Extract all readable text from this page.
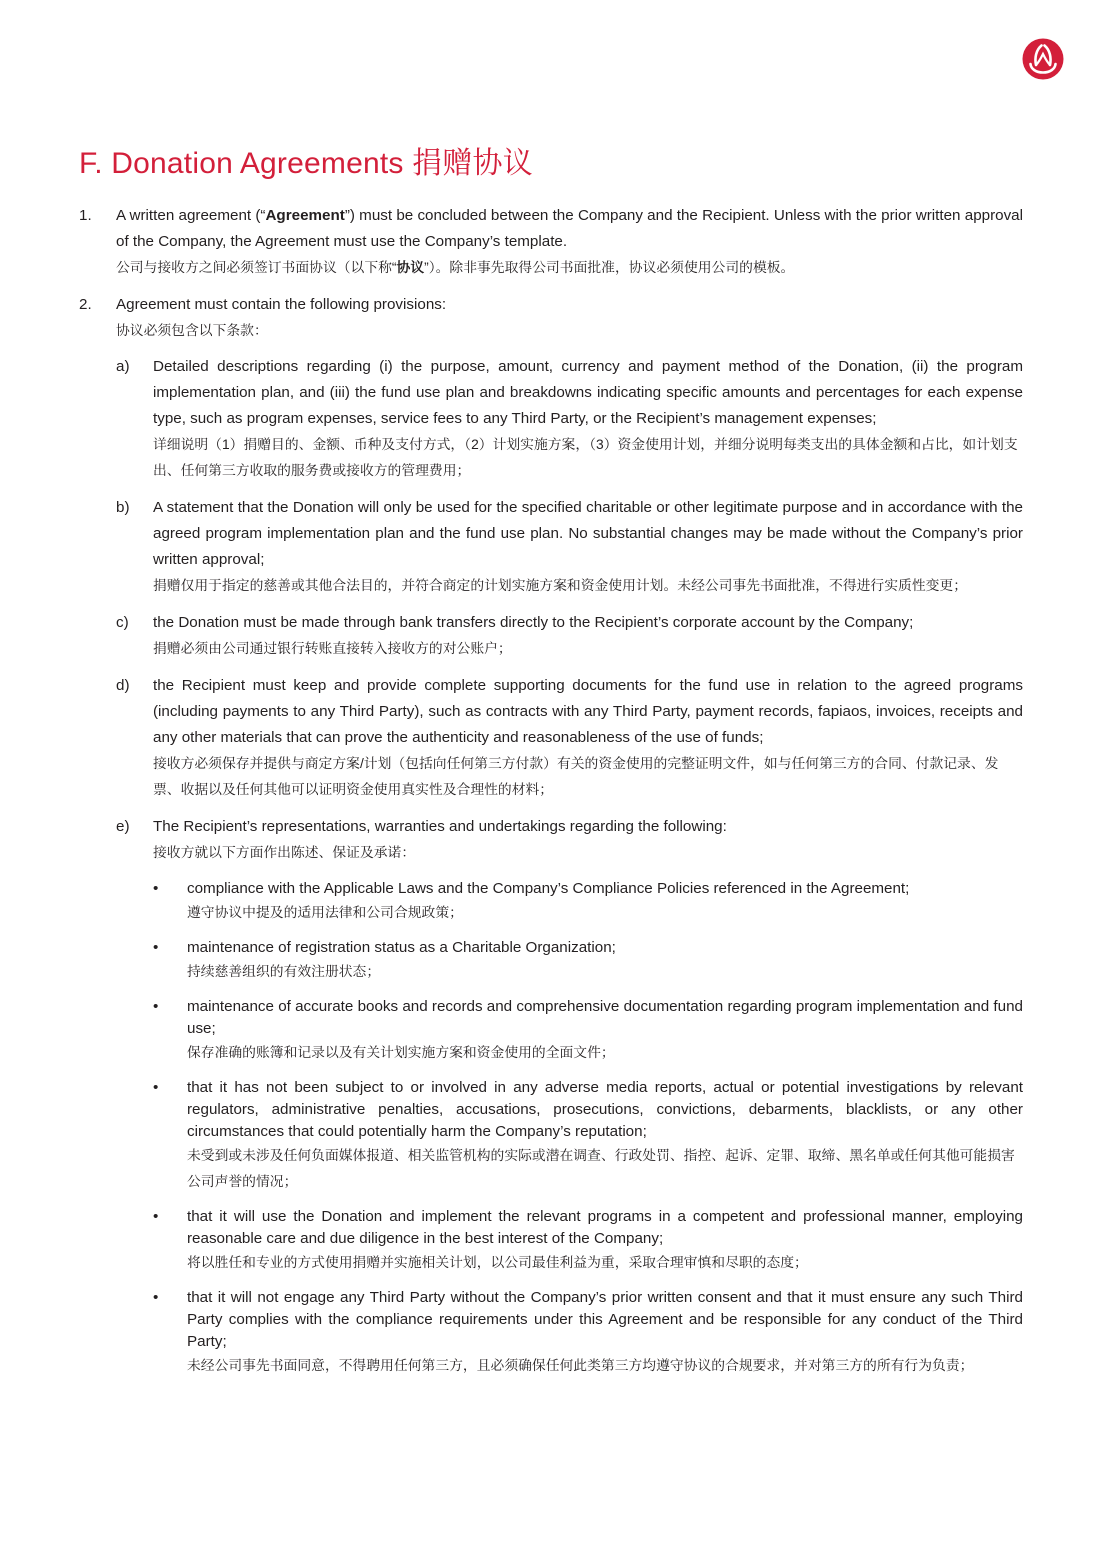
F. Donation Agreements 捐赠协议
1. A written agreement (“Agreement”) must be concluded between the Company and the Recipient. Unless with the prior written approval of the Company, the Agreement must use the Company’s template.

公司与接收方之间必须签订书面协议（以下称“协议”）。除非事先取得公司书面批准，协议必须使用公司的模板。

2. Agreement must contain the following provisions:

协议必须包含以下条款：

a) Detailed descriptions regarding (i) the purpose, amount, currency and payment method of the Donation, (ii) the program implementation plan, and (iii) the fund use plan and breakdowns indicating specific amounts and percentages for each expense type, such as program expenses, service fees to any Third Party, or the Recipient’s management expenses;

详细说明（1）捐赠目的、金额、币种及支付方式，（2）计划实施方案，（3）资金使用计划，并细分说明每类支出的具体金额和占比，如计划支出、任何第三方收取的服务费或接收方的管理费用；

b) A statement that the Donation will only be used for the specified charitable or other legitimate purpose and in accordance with the agreed program implementation plan and the fund use plan. No substantial changes may be made without the Company’s prior written approval;

捐赠仅用于指定的慈善或其他合法目的，并符合商定的计划实施方案和资金使用计划。未经公司事先书面批准，不得进行实质性变更；

c) the Donation must be made through bank transfers directly to the Recipient’s corporate account by the Company;

捐赠必须由公司通过银行转账直接转入接收方的对公账户；

d) the Recipient must keep and provide complete supporting documents for the fund use in relation to the agreed programs (including payments to any Third Party), such as contracts with any Third Party, payment records, fapiaos, invoices, receipts and any other materials that can prove the authenticity and reasonableness of the use of funds;

接收方必须保存并提供与商定方案/计划（包括向任何第三方付款）有关的资金使用的完整证明文件，如与任何第三方的合同、付款记录、发票、收据以及任何其他可以证明资金使用真实性及合理性的材料；

e) The Recipient’s representations, warranties and undertakings regarding the following:

接收方就以下方面作出陈述、保证及承诺：

• compliance with the Applicable Laws and the Company’s Compliance Policies referenced in the Agreement;

遵守协议中提及的适用法律和公司合规政策；

• maintenance of registration status as a Charitable Organization;

持续慈善组织的有效注册状态；

• maintenance of accurate books and records and comprehensive documentation regarding program implementation and fund use;

保存准确的账簿和记录以及有关计划实施方案和资金使用的全面文件；

• that it has not been subject to or involved in any adverse media reports, actual or potential investigations by relevant regulators, administrative penalties, accusations, prosecutions, convictions, debarments, blacklists, or any other circumstances that could potentially harm the Company’s reputation;

未受到或未涉及任何负面媒体报道、相关监管机构的实际或潜在调查、行政处罚、指控、起诉、定罪、取缔、黑名单或任何其他可能损害公司声誉的情况；

• that it will use the Donation and implement the relevant programs in a competent and professional manner, employing reasonable care and due diligence in the best interest of the Company;

将以胜任和专业的方式使用捐赠并实施相关计划，以公司最佳利益为重，采取合理审慎和尽职的态度；

• that it will not engage any Third Party without the Company’s prior written consent and that it must ensure any such Third Party complies with the compliance requirements under this Agreement and be responsible for any conduct of the Third Party;

未经公司事先书面同意，不得聘用任何第三方，且必须确保任何此类第三方均遵守协议的合规要求，并对第三方的所有行为负责；
